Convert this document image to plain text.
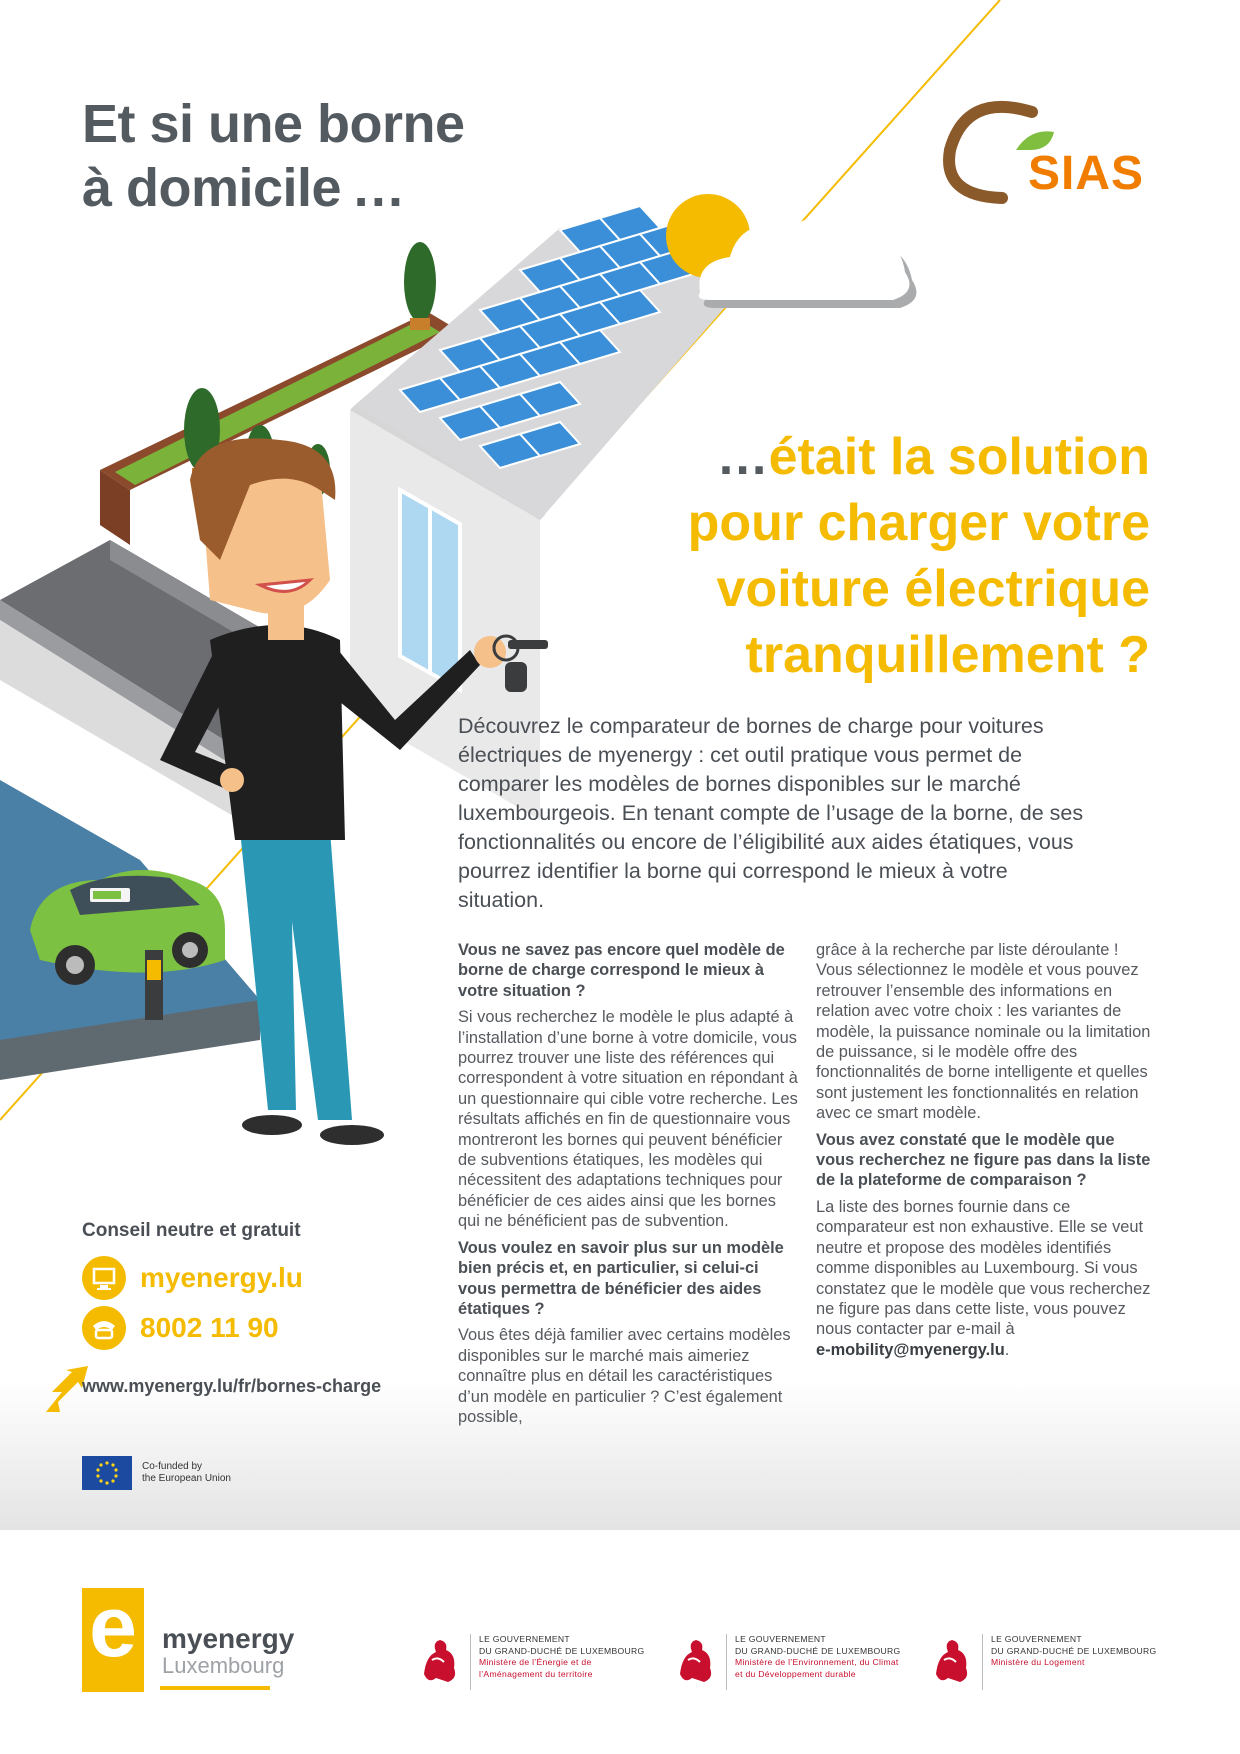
Et si une borne
à domicile …	SIAS
…était la solution
pour charger votre
voiture électrique
tranquillement ?
Découvrez le comparateur de bornes de charge pour voitures électriques de myenergy : cet outil pratique vous permet de comparer les modèles de bornes disponibles sur le marché luxembourgeois. En tenant compte de l’usage de la borne, de ses fonctionnalités ou encore de l’éligibilité aux aides étatiques, vous pourrez identifier la borne qui correspond le mieux à votre situation.
Vous ne savez pas encore quel modèle de borne de charge correspond le mieux à votre situation ?

Si vous recherchez le modèle le plus adapté à l’installation d’une borne à votre domicile, vous pourrez trouver une liste des références qui correspondent à votre situation en répondant à un questionnaire qui cible votre recherche. Les résultats affichés en fin de questionnaire vous montreront les bornes qui peuvent bénéficier de subventions étatiques, les modèles qui nécessitent des adaptations techniques pour bénéficier de ces aides ainsi que les bornes qui ne bénéficient pas de subvention.

Vous voulez en savoir plus sur un modèle bien précis et, en particulier, si celui-ci vous permettra de bénéficier des aides étatiques ?

Vous êtes déjà familier avec certains modèles disponibles sur le marché mais aimeriez connaître plus en détail les caractéristiques d’un modèle en particulier ? C’est également possible,

grâce à la recherche par liste déroulante ! Vous sélectionnez le modèle et vous pouvez retrouver l’ensemble des informations en relation avec votre choix : les variantes de modèle, la puissance nominale ou la limitation de puissance, si le modèle offre des fonctionnalités de borne intelligente et quelles sont justement les fonctionnalités en relation avec ce smart modèle.

Vous avez constaté que le modèle que vous recherchez ne figure pas dans la liste de la plateforme de comparaison ?

La liste des bornes fournie dans ce comparateur est non exhaustive. Elle se veut neutre et propose des modèles identifiés comme disponibles au Luxembourg. Si vous constatez que le modèle que vous recherchez ne figure pas dans cette liste, vous pouvez nous contacter par e-mail à
e-mobility@myenergy.lu.

Conseil neutre et gratuit
myenergy.lu
8002 11 90
www.myenergy.lu/fr/bornes-charge
Co-funded by
the European Union
e myenergy
Luxembourg
LE GOUVERNEMENT
DU GRAND-DUCHÉ DE LUXEMBOURG
Ministère de l’Énergie et de
l’Aménagement du territoire
LE GOUVERNEMENT
DU GRAND-DUCHÉ DE LUXEMBOURG
Ministère de l’Environnement, du Climat
et du Développement durable
LE GOUVERNEMENT
DU GRAND-DUCHÉ DE LUXEMBOURG
Ministère du Logement
